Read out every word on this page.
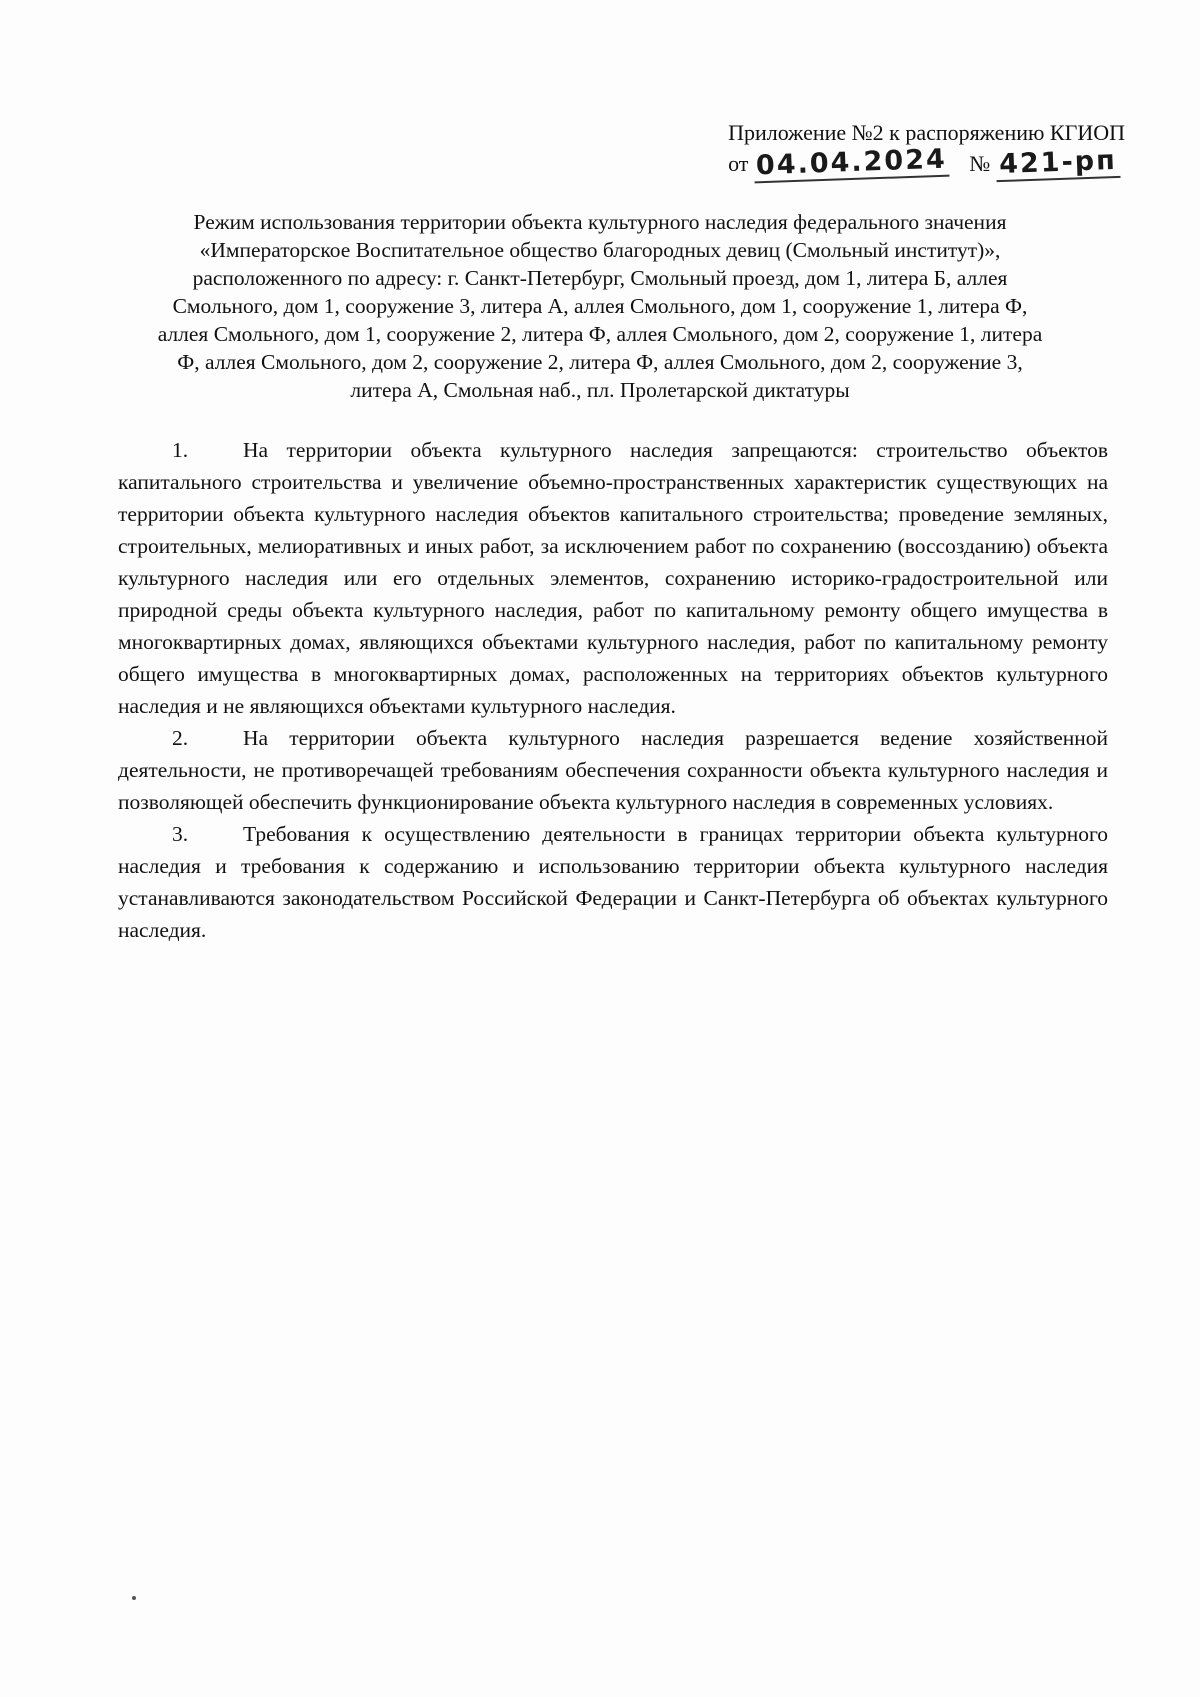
Приложение №2 к распоряжению КГИОП
от 04.04.2024 № 421-рп
Режим использования территории объекта культурного наследия федерального значения
«Императорское Воспитательное общество благородных девиц (Смольный институт)»,
расположенного по адресу: г. Санкт-Петербург, Смольный проезд, дом 1, литера Б, аллея
Смольного, дом 1, сооружение 3, литера А, аллея Смольного, дом 1, сооружение 1, литера Ф,
аллея Смольного, дом 1, сооружение 2, литера Ф, аллея Смольного, дом 2, сооружение 1, литера
Ф, аллея Смольного, дом 2, сооружение 2, литера Ф, аллея Смольного, дом 2, сооружение 3,
литера А, Смольная наб., пл. Пролетарской диктатуры

1.	На территории объекта культурного наследия запрещаются: строительство объектов капитального строительства и увеличение объемно-пространственных характеристик существующих на территории объекта культурного наследия объектов капитального строительства; проведение земляных, строительных, мелиоративных и иных работ, за исключением работ по сохранению (воссозданию) объекта культурного наследия или его отдельных элементов, сохранению историко-градостроительной или природной среды объекта культурного наследия, работ по капитальному ремонту общего имущества в многоквартирных домах, являющихся объектами культурного наследия, работ по капитальному ремонту общего имущества в многоквартирных домах, расположенных на территориях объектов культурного наследия и не являющихся объектами культурного наследия.

2.	На территории объекта культурного наследия разрешается ведение хозяйственной деятельности, не противоречащей требованиям обеспечения сохранности объекта культурного наследия и позволяющей обеспечить функционирование объекта культурного наследия в современных условиях.

3.	Требования к осуществлению деятельности в границах территории объекта культурного наследия и требования к содержанию и использованию территории объекта культурного наследия устанавливаются законодательством Российской Федерации и Санкт-Петербурга об объектах культурного наследия.
